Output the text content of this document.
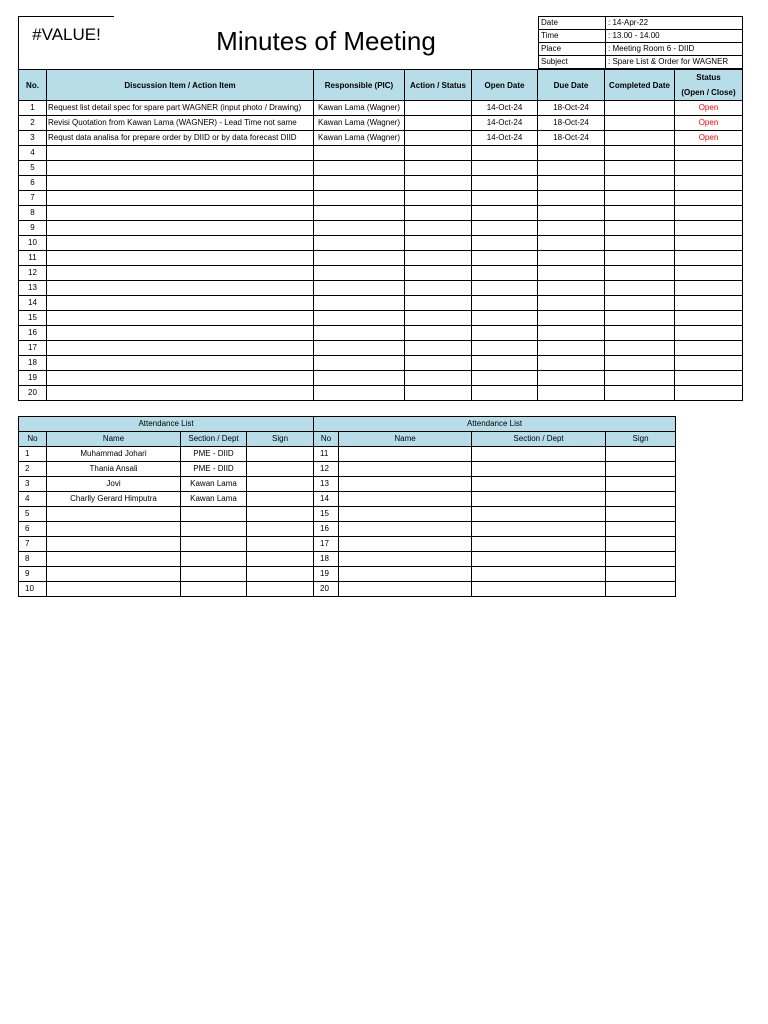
#VALUE!	Minutes of Meeting
Date	: 14-Apr-22
Time	: 13.00 - 14.00
Place	: Meeting Room 6 - DIID
Subject	: Spare List & Order for WAGNER
No.	Discussion Item / Action Item	Responsible (PIC)	Action / Status	Open Date	Due Date	Completed Date	Status
(Open / Close)

1	Request list detail spec for spare part WAGNER (input photo / Drawing)	Kawan Lama (Wagner)		14-Oct-24	18-Oct-24		Open
2	Revisi Quotation from Kawan Lama (WAGNER) - Lead Time not same	Kawan Lama (Wagner)		14-Oct-24	18-Oct-24		Open
3	Requst data analisa for prepare order by DIID or by data forecast DIID	Kawan Lama (Wagner)		14-Oct-24	18-Oct-24		Open
4							
5							
6							
7							
8							
9							
10							
11							
12							
13							
14							
15							
16							
17							
18							
19							
20							
Attendance List				Attendance List			
No	Name	Section / Dept	Sign	No	Name	Section / Dept	Sign
1	Muhammad Johari	PME - DIID		11			
2	Thania Ansali	PME - DIID		12			
3	Jovi	Kawan Lama		13			
4	Charlly Gerard Himputra	Kawan Lama		14			
5				15			
6				16			
7				17			
8				18			
9				19			
10				20			
